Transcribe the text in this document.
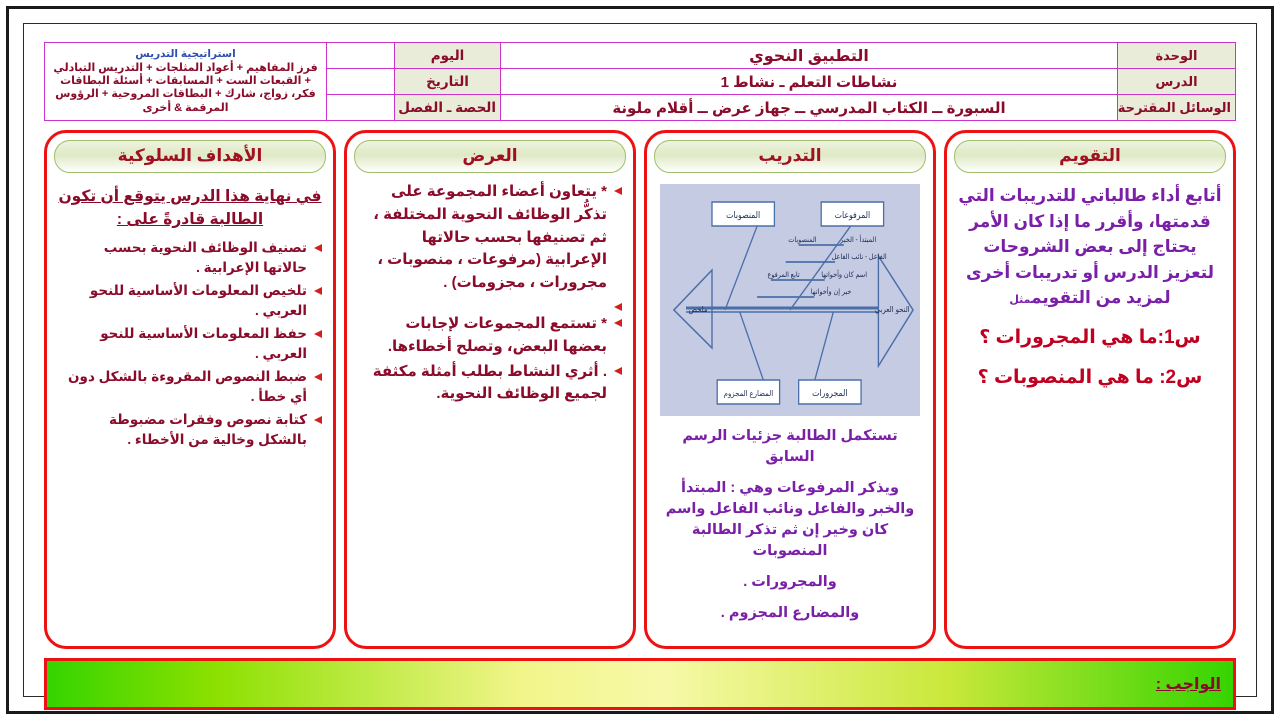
الوحدة	التطبيق النحوي	اليوم		استراتيجية التدريس
فرز المفاهيم + أعواد المثلجات + التدريس التبادلي + القبعات الست + المسابقات + أسئلة البطاقات فكر، زواج، شارك + البطاقات المروحية + الرؤوس المرقمة & أخرى

الدرس	نشاطات التعلم ـ نشاط 1	التاريخ		
الوسائل المقترحة	السبورة ــ الكتاب المدرسي ــ جهاز عرض ــ أقلام ملونة	الحصة ـ الفصل		
الأهداف السلوكية
في نهاية هذا الدرس يتوقع أن تكون الطالبة قادرةً على :
تصنيف الوظائف النحوية بحسب حالاتها الإعرابية .
تلخيص المعلومات الأساسية للنحو العربي .
حفظ المعلومات الأساسية للنحو العربي .
ضبط النصوص المقروءة بالشكل دون أي خطأ .
كتابة نصوص وفقرات مضبوطة بالشكل وخالية من الأخطاء .
العرض
* يتعاون أعضاء المجموعة على تذكُّر الوظائف النحوية المختلفة ، ثم تصنيفها بحسب حالاتها الإعرابية (مرفوعات ، منصوبات ، مجرورات ، مجزومات) .
* تستمع المجموعات لإجابات بعضها البعض، وتصلح أخطاءها.
. أثري النشاط بطلب أمثلة مكثفة لجميع الوظائف النحوية.
التدريب
المرفوعات
المنصوبات
المضارع المجزوم	المجرورات
المبتدأ - الخبر
الفاعل - نائب الفاعل
اسم كان وأخواتها
خبر إن وأخواتها
المنصوبات
تابع المرفوع
النحو العربي
ملخص

تستكمل الطالبة جزئيات الرسم السابق

ويذكر المرفوعات وهي : المبتدأ والخبر والفاعل ونائب الفاعل واسم كان وخير إن ثم تذكر الطالبة المنصوبات

والمجرورات .

والمضارع المجزوم .

التقويم

أتابع أداء طالباتي للتدريبات التي قدمتها، وأقرر ما إذا كان الأمر يحتاج إلى بعض الشروحات لتعزيز الدرس أو تدريبات أخرى لمزيد من التقويممثل

س1:ما هي المجرورات ؟

س2: ما هي المنصوبات ؟

الواجب :
